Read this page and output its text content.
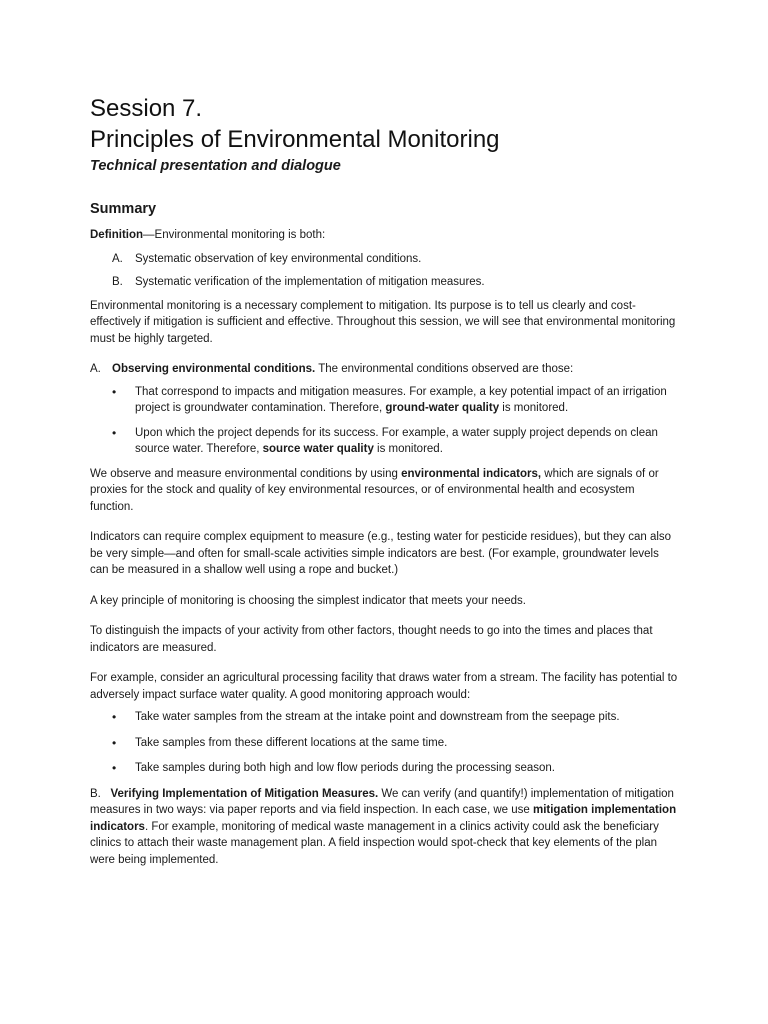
Session 7.
Principles of Environmental Monitoring

Technical presentation and dialogue

Summary

Definition—Environmental monitoring is both:

A. Systematic observation of key environmental conditions.
B. Systematic verification of the implementation of mitigation measures.

Environmental monitoring is a necessary complement to mitigation. Its purpose is to tell us clearly and cost-effectively if mitigation is sufficient and effective. Throughout this session, we will see that environmental monitoring must be highly targeted.

A. Observing environmental conditions. The environmental conditions observed are those:
• That correspond to impacts and mitigation measures. For example, a key potential impact of an irrigation project is groundwater contamination. Therefore, ground-water quality is monitored.
• Upon which the project depends for its success. For example, a water supply project depends on clean source water. Therefore, source water quality is monitored.

We observe and measure environmental conditions by using environmental indicators, which are signals of or proxies for the stock and quality of key environmental resources, or of environmental health and ecosystem function.

Indicators can require complex equipment to measure (e.g., testing water for pesticide residues), but they can also be very simple—and often for small-scale activities simple indicators are best. (For example, groundwater levels can be measured in a shallow well using a rope and bucket.)

A key principle of monitoring is choosing the simplest indicator that meets your needs.

To distinguish the impacts of your activity from other factors, thought needs to go into the times and places that indicators are measured.

For example, consider an agricultural processing facility that draws water from a stream. The facility has potential to adversely impact surface water quality. A good monitoring approach would:

• Take water samples from the stream at the intake point and downstream from the seepage pits.
• Take samples from these different locations at the same time.
• Take samples during both high and low flow periods during the processing season.

B. Verifying Implementation of Mitigation Measures. We can verify (and quantify!) implementation of mitigation measures in two ways: via paper reports and via field inspection. In each case, we use mitigation implementation indicators. For example, monitoring of medical waste management in a clinics activity could ask the beneficiary clinics to attach their waste management plan. A field inspection would spot-check that key elements of the plan were being implemented.
